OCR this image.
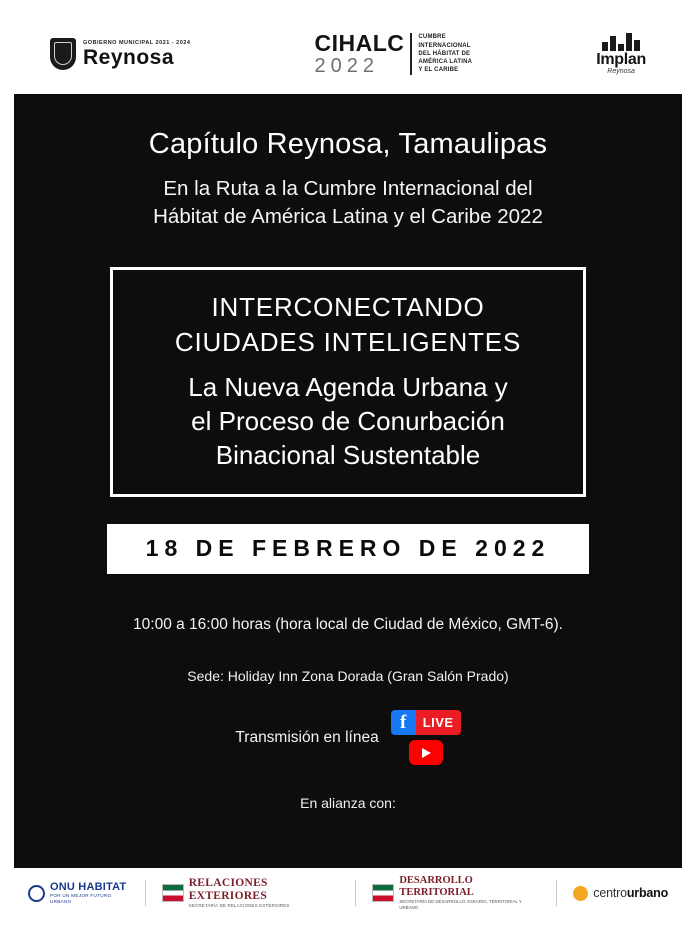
GOBIERNO MUNICIPAL 2021 - 2024
Reynosa
CIHALC
2022
CUMBRE
INTERNACIONAL
DEL HÁBITAT DE
AMÉRICA LATINA
Y EL CARIBE
Implan
Reynosa
Capítulo Reynosa, Tamaulipas
En la Ruta a la Cumbre Internacional del
Hábitat de América Latina y el Caribe 2022
INTERCONECTANDO
CIUDADES INTELIGENTES
La Nueva Agenda Urbana y
el Proceso de Conurbación
Binacional Sustentable
18 DE FEBRERO DE 2022
10:00 a 16:00 horas (hora local de Ciudad de México, GMT-6).
Sede: Holiday Inn Zona Dorada (Gran Salón Prado)
Transmisión en línea
f	LIVE
En alianza con:
ONU HABITAT
POR UN MEJOR FUTURO URBANO
RELACIONES EXTERIORES
SECRETARÍA DE RELACIONES EXTERIORES
DESARROLLO TERRITORIAL
SECRETARÍA DE DESARROLLO AGRARIO, TERRITORIAL Y URBANO
centrourbano
